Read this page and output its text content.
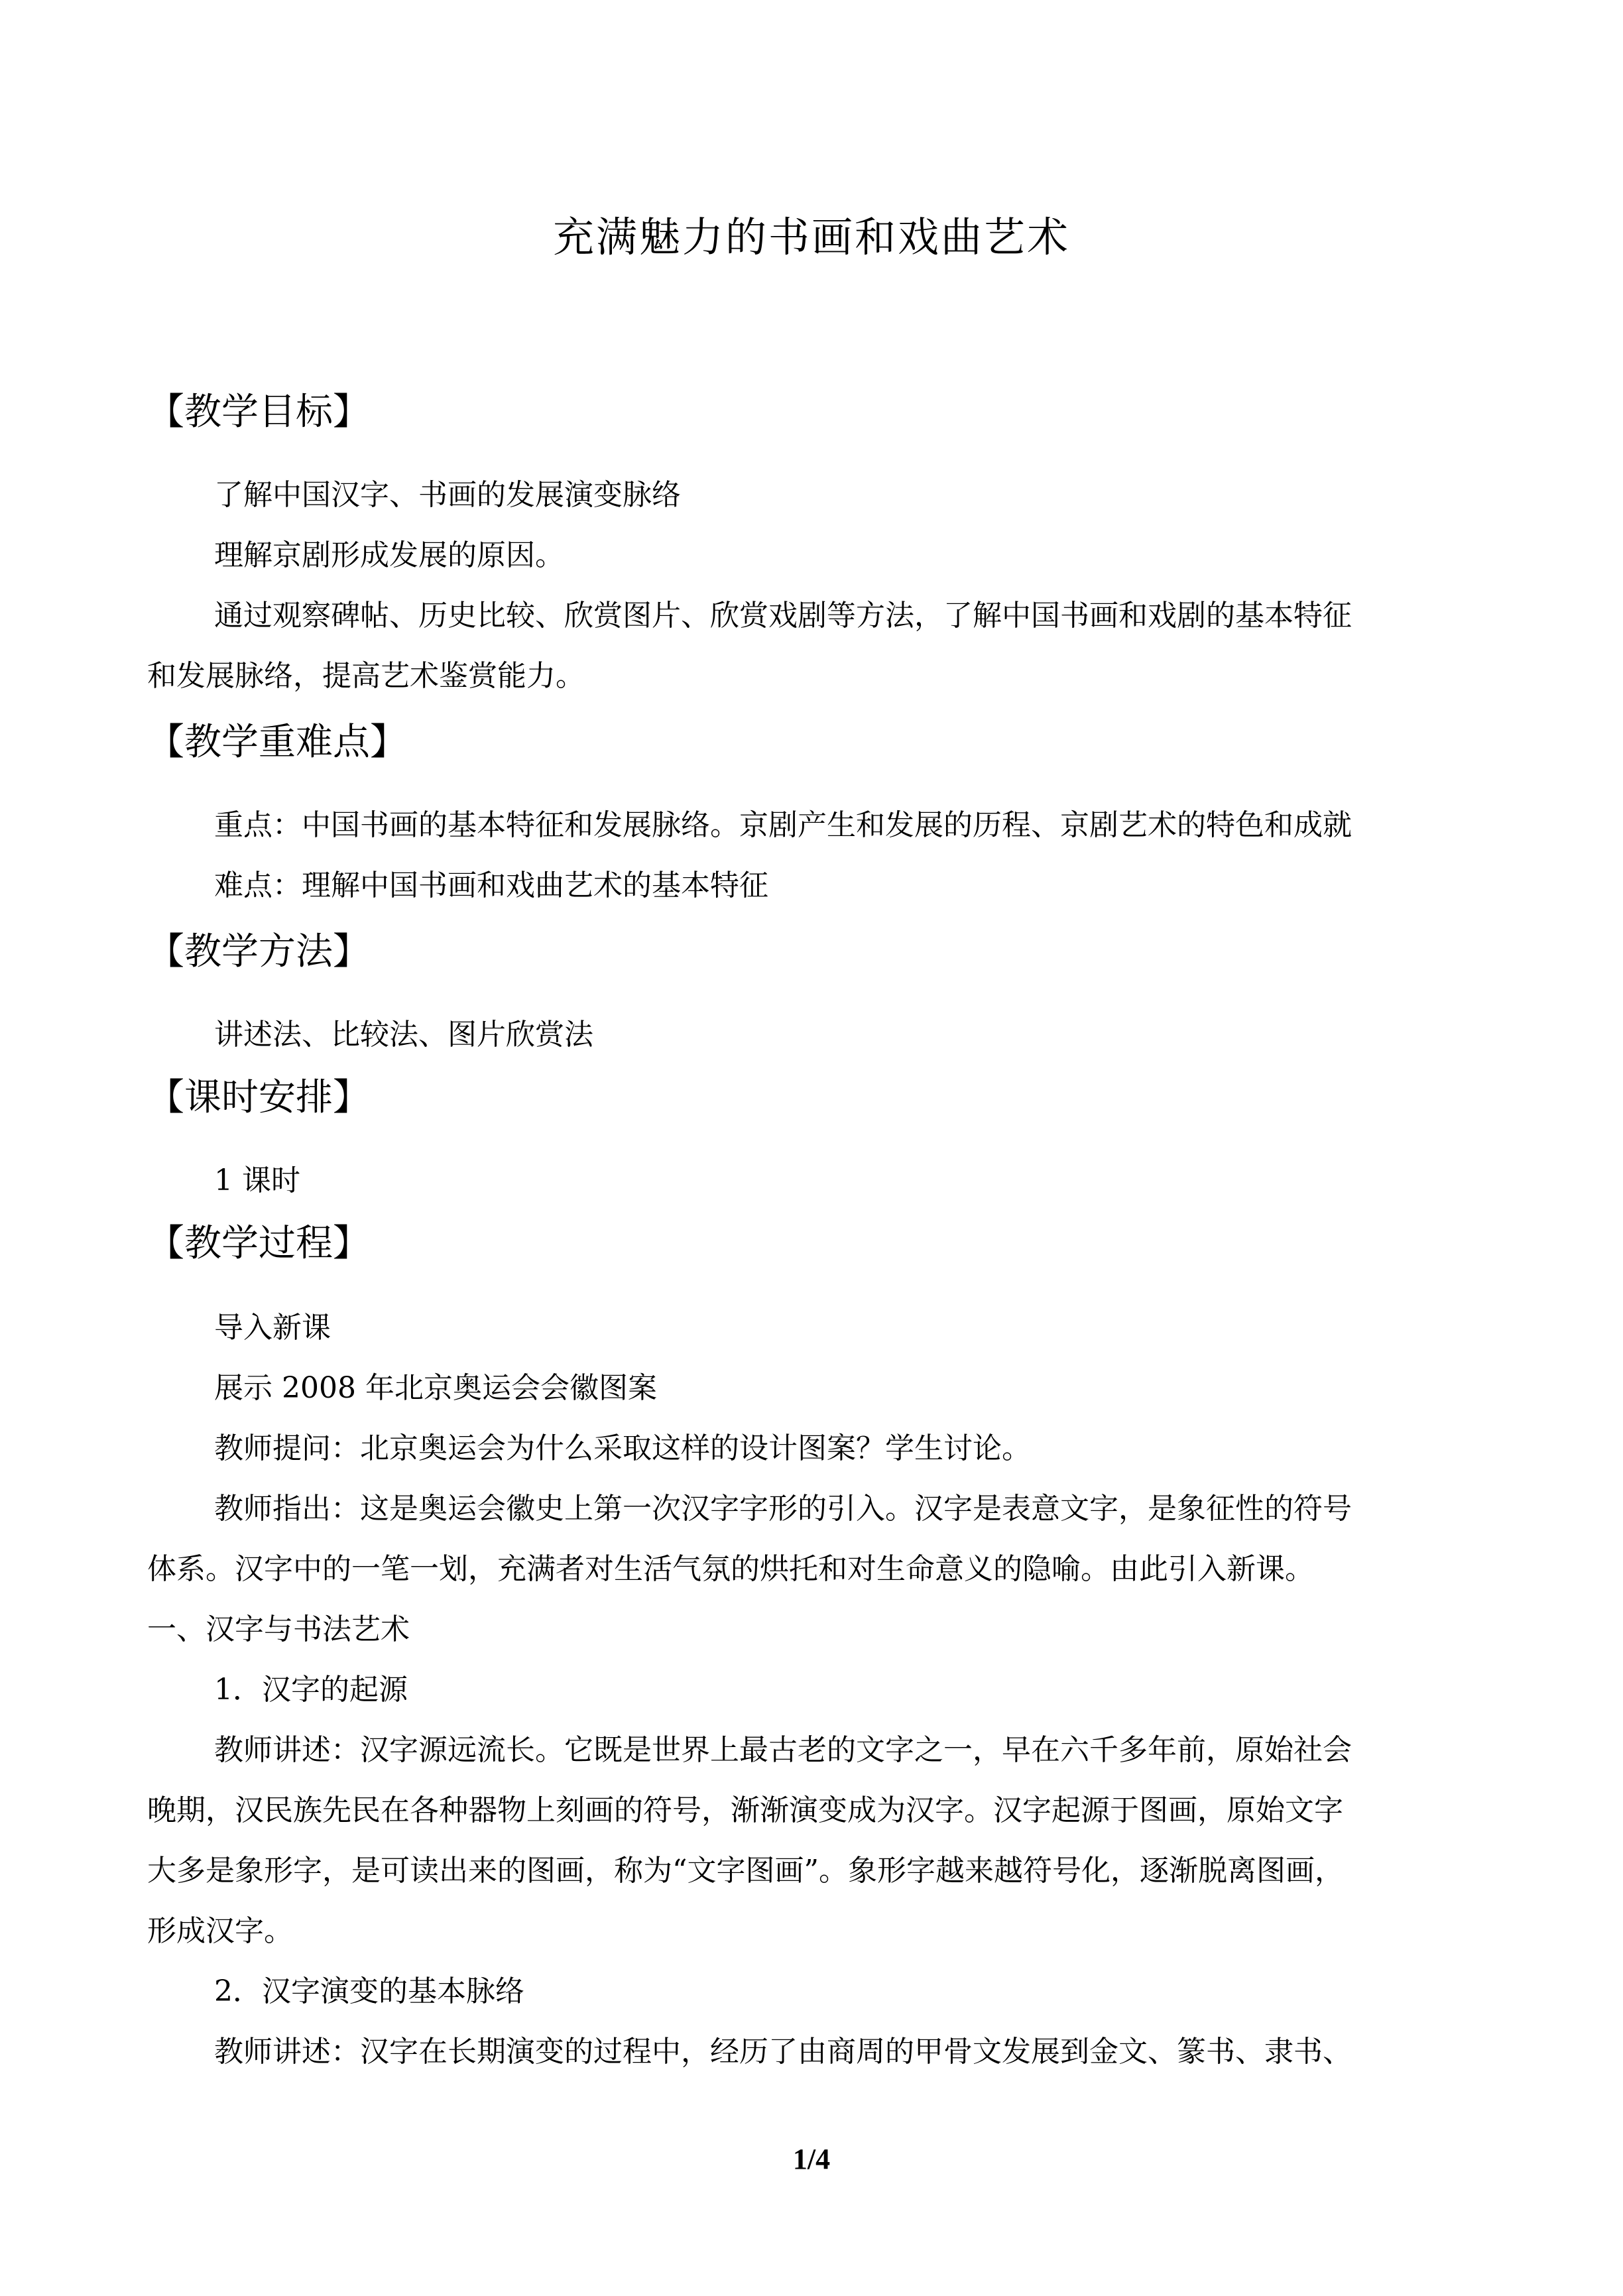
充满魅力的书画和戏曲艺术
【教学目标】

了解中国汉字、书画的发展演变脉络

理解京剧形成发展的原因。

通过观察碑帖、历史比较、欣赏图片、欣赏戏剧等方法，了解中国书画和戏剧的基本特征

和发展脉络，提高艺术鉴赏能力。

【教学重难点】

重点：中国书画的基本特征和发展脉络。京剧产生和发展的历程、京剧艺术的特色和成就

难点：理解中国书画和戏曲艺术的基本特征

【教学方法】

讲述法、比较法、图片欣赏法

【课时安排】

1 课时

【教学过程】

导入新课

展示 2008 年北京奥运会会徽图案

教师提问：北京奥运会为什么采取这样的设计图案？学生讨论。

教师指出：这是奥运会徽史上第一次汉字字形的引入。汉字是表意文字，是象征性的符号

体系。汉字中的一笔一划，充满者对生活气氛的烘托和对生命意义的隐喻。由此引入新课。

一、汉字与书法艺术

1．汉字的起源

教师讲述：汉字源远流长。它既是世界上最古老的文字之一，早在六千多年前，原始社会

晚期，汉民族先民在各种器物上刻画的符号，渐渐演变成为汉字。汉字起源于图画，原始文字

大多是象形字，是可读出来的图画，称为“文字图画”。象形字越来越符号化，逐渐脱离图画，

形成汉字。

2．汉字演变的基本脉络

教师讲述：汉字在长期演变的过程中，经历了由商周的甲骨文发展到金文、篆书、隶书、

1/4
